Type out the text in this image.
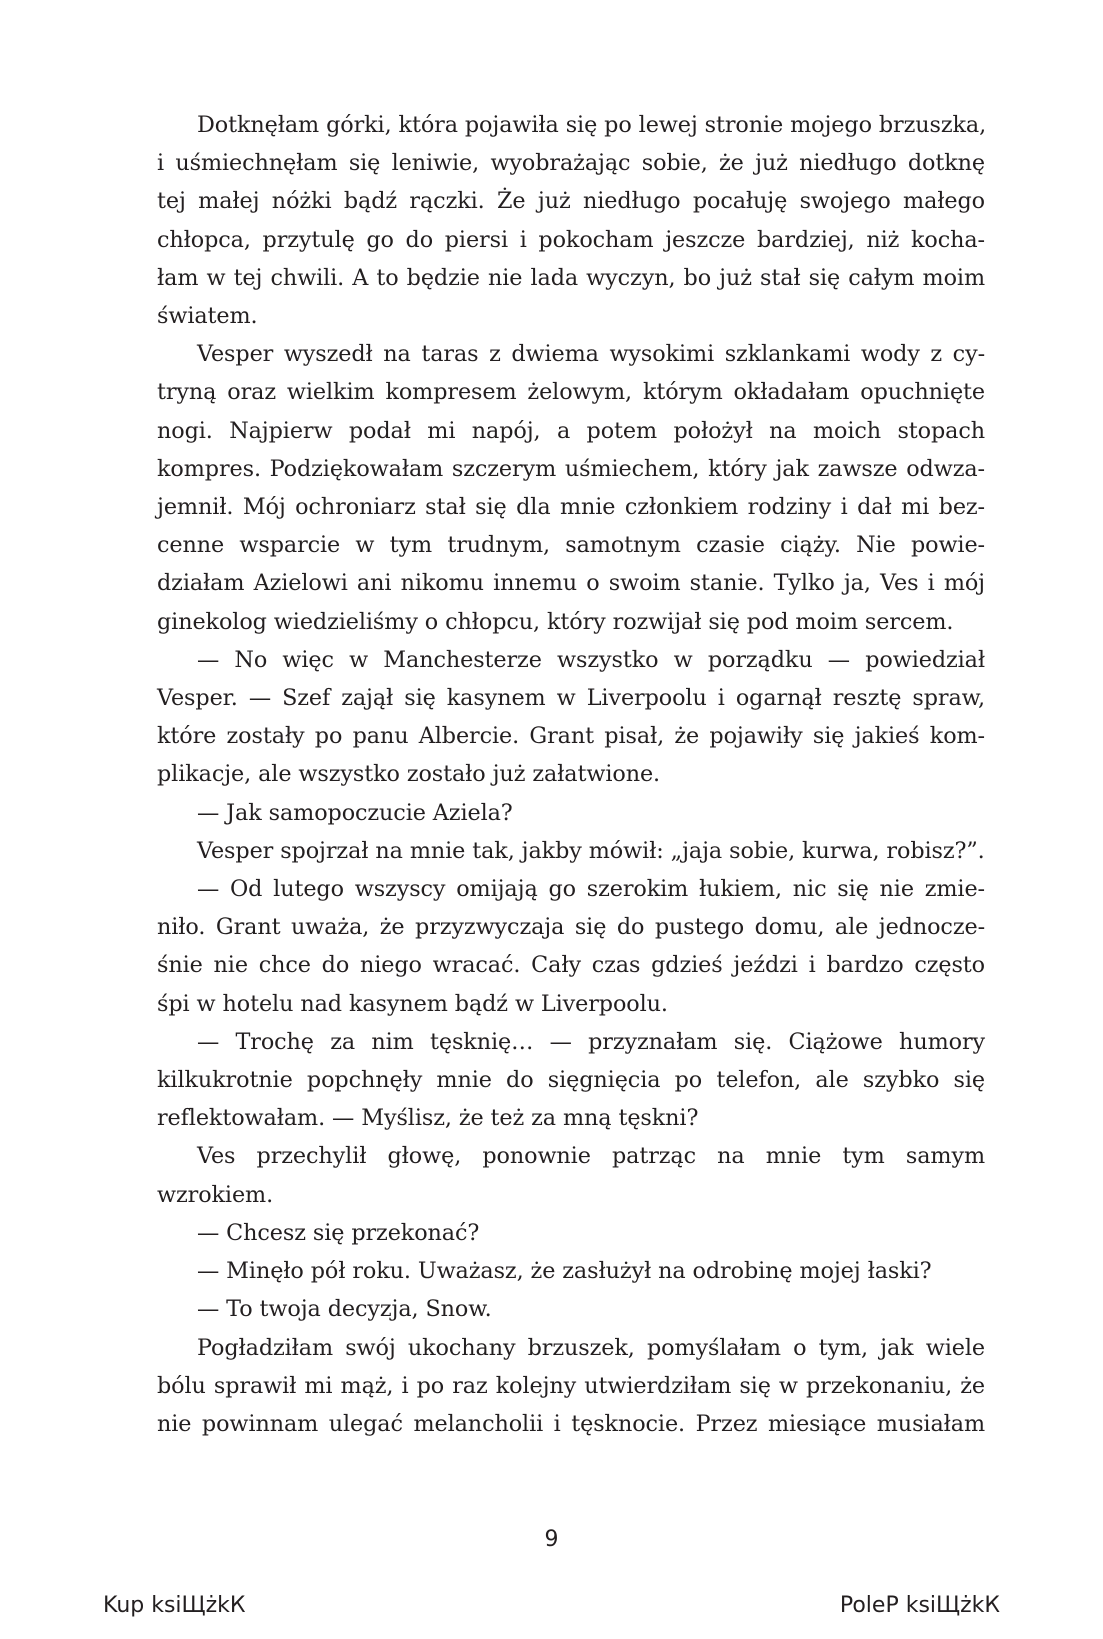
Dotknęłam górki, która pojawiła się po lewej stronie mojego brzuszka,
i uśmiechnęłam się leniwie, wyobrażając sobie, że już niedługo dotknę
tej małej nóżki bądź rączki. Że już niedługo pocałuję swojego małego
chłopca, przytulę go do piersi i pokocham jeszcze bardziej, niż kocha-
łam w tej chwili. A to będzie nie lada wyczyn, bo już stał się całym moim
światem.
Vesper wyszedł na taras z dwiema wysokimi szklankami wody z cy-
tryną oraz wielkim kompresem żelowym, którym okładałam opuchnięte
nogi. Najpierw podał mi napój, a potem położył na moich stopach
kompres. Podziękowałam szczerym uśmiechem, który jak zawsze odwza-
jemnił. Mój ochroniarz stał się dla mnie członkiem rodziny i dał mi bez-
cenne wsparcie w tym trudnym, samotnym czasie ciąży. Nie powie-
działam Azielowi ani nikomu innemu o swoim stanie. Tylko ja, Ves i mój
ginekolog wiedzieliśmy o chłopcu, który rozwijał się pod moim sercem.
— No więc w Manchesterze wszystko w porządku — powiedział
Vesper. — Szef zajął się kasynem w Liverpoolu i ogarnął resztę spraw,
które zostały po panu Albercie. Grant pisał, że pojawiły się jakieś kom-
plikacje, ale wszystko zostało już załatwione.
— Jak samopoczucie Aziela?
Vesper spojrzał na mnie tak, jakby mówił: „jaja sobie, kurwa, robisz?”.
— Od lutego wszyscy omijają go szerokim łukiem, nic się nie zmie-
niło. Grant uważa, że przyzwyczaja się do pustego domu, ale jednocze-
śnie nie chce do niego wracać. Cały czas gdzieś jeździ i bardzo często
śpi w hotelu nad kasynem bądź w Liverpoolu.
— Trochę za nim tęsknię… — przyznałam się. Ciążowe humory
kilkukrotnie popchnęły mnie do sięgnięcia po telefon, ale szybko się
reflektowałam. — Myślisz, że też za mną tęskni?
Ves przechylił głowę, ponownie patrząc na mnie tym samym
wzrokiem.
— Chcesz się przekonać?
— Minęło pół roku. Uważasz, że zasłużył na odrobinę mojej łaski?
— To twoja decyzja, Snow.
Pogładziłam swój ukochany brzuszek, pomyślałam o tym, jak wiele
bólu sprawił mi mąż, i po raz kolejny utwierdziłam się w przekonaniu, że
nie powinnam ulegać melancholii i tęsknocie. Przez miesiące musiałam
9
Kup ksiЩżkК	PoleР ksiЩżkК
